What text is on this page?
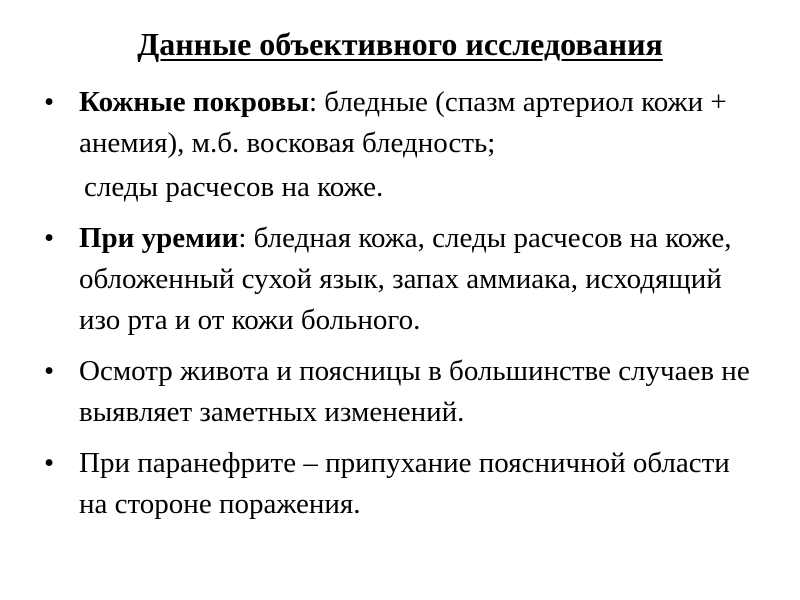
Данные объективного исследования
• Кожные покровы: бледные (спазм артериол кожи + анемия), м.б. восковая бледность;
следы расчесов на коже.
• При уремии: бледная кожа, следы расчесов на коже, обложенный сухой язык, запах аммиака, исходящий изо рта и от кожи больного.
• Осмотр живота и поясницы в большинстве случаев не выявляет заметных изменений.
• При паранефрите – припухание поясничной области на стороне поражения.
